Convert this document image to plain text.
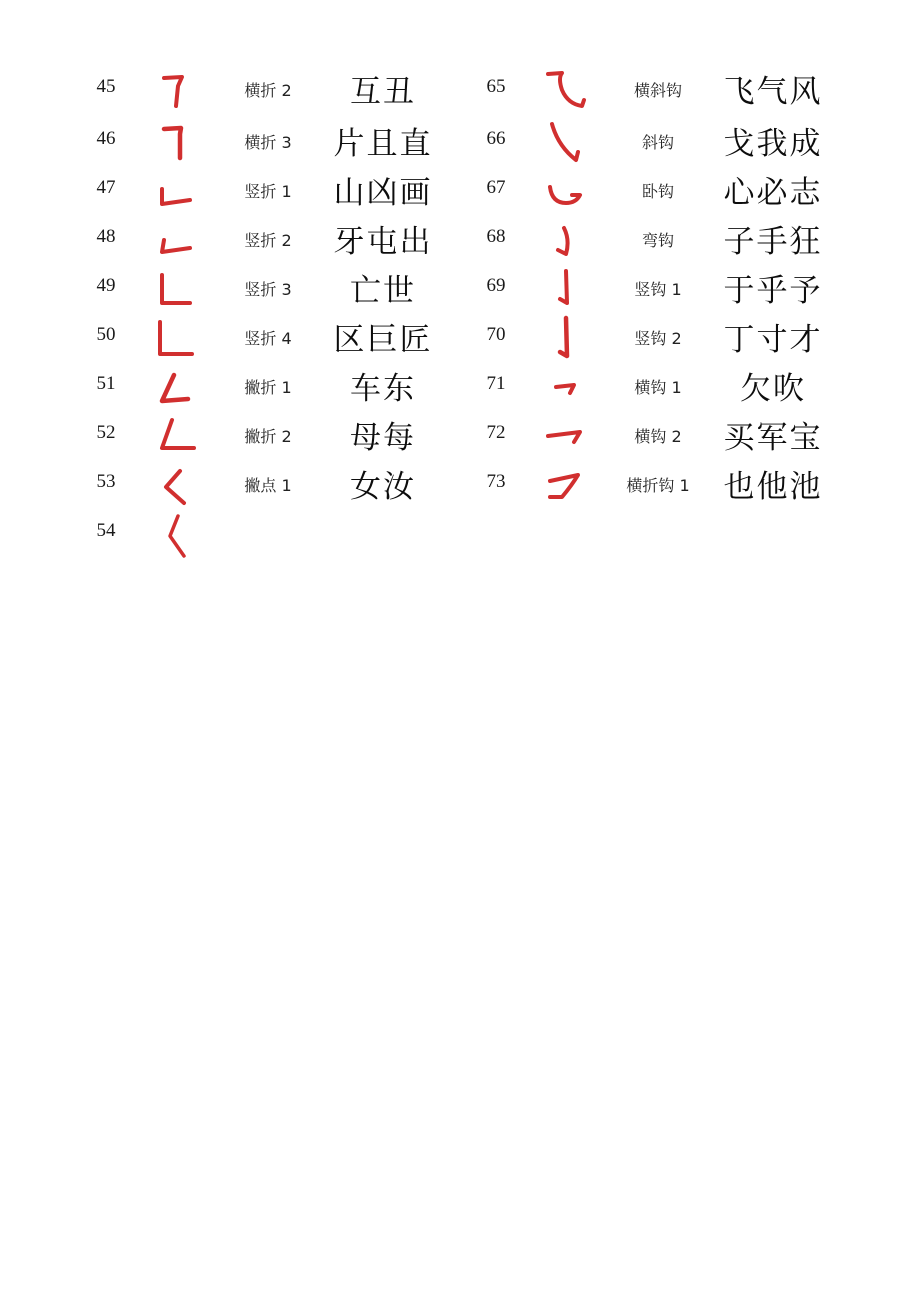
45	横折 2	互丑
46	横折 3	片且直
47	竖折 1	山凶画
48	竖折 2	牙屯出
49	竖折 3	亡世
50	竖折 4	区巨匠
51	撇折 1	车东
52	撇折 2	母每
53	撇点 1	女汝
54
65	横斜钩	飞气风
66	斜钩	戈我成
67	卧钩	心必志
68	弯钩	子手狂
69	竖钩 1	于乎予
70	竖钩 2	丁寸才
71	横钩 1	欠吹
72	横钩 2	买军宝
73	横折钩 1	也他池
